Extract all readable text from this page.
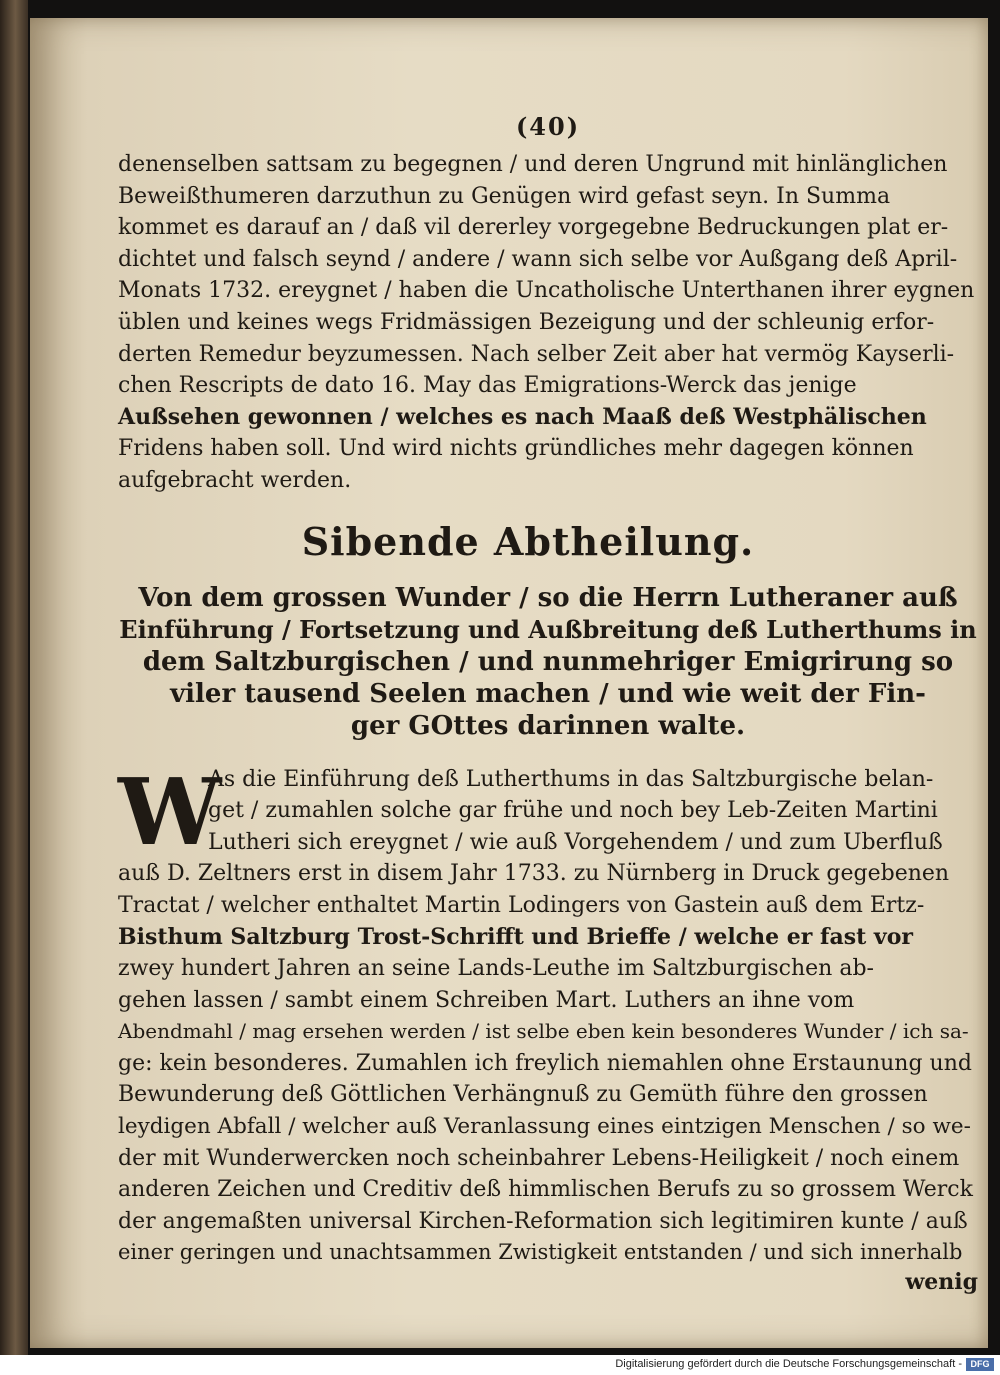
(40)
denenselben sattsam zu begegnen / und deren Ungrund mit hinlänglichen
Beweißthumeren darzuthun zu Genügen wird gefast seyn. In Summa
kommet es darauf an / daß vil dererley vorgegebne Bedruckungen plat er-
dichtet und falsch seynd / andere / wann sich selbe vor Außgang deß April-
Monats 1732. ereygnet / haben die Uncatholische Unterthanen ihrer eygnen
üblen und keines wegs Fridmässigen Bezeigung und der schleunig erfor-
derten Remedur beyzumessen. Nach selber Zeit aber hat vermög Kayserli-
chen Rescripts de dato 16. May das Emigrations-Werck das jenige
Außsehen gewonnen / welches es nach Maaß deß Westphälischen
Fridens haben soll. Und wird nichts gründliches mehr dagegen können
aufgebracht werden.
Sibende Abtheilung.
Von dem grossen Wunder / so die Herrn Lutheraner auß
Einführung / Fortsetzung und Außbreitung deß Lutherthums in
dem Saltzburgischen / und nunmehriger Emigrirung so
viler tausend Seelen machen / und wie weit der Fin-
ger GOttes darinnen walte.
W
As die Einführung deß Lutherthums in das Saltzburgische belan-
get / zumahlen solche gar frühe und noch bey Leb-Zeiten Martini
Lutheri sich ereygnet / wie auß Vorgehendem / und zum Uberfluß
auß D. Zeltners erst in disem Jahr 1733. zu Nürnberg in Druck gegebenen
Tractat / welcher enthaltet Martin Lodingers von Gastein auß dem Ertz-
Bisthum Saltzburg Trost-Schrifft und Brieffe / welche er fast vor
zwey hundert Jahren an seine Lands-Leuthe im Saltzburgischen ab-
gehen lassen / sambt einem Schreiben Mart. Luthers an ihne vom
Abendmahl / mag ersehen werden / ist selbe eben kein besonderes Wunder / ich sa-
ge: kein besonderes. Zumahlen ich freylich niemahlen ohne Erstaunung und
Bewunderung deß Göttlichen Verhängnuß zu Gemüth führe den grossen
leydigen Abfall / welcher auß Veranlassung eines eintzigen Menschen / so we-
der mit Wunderwercken noch scheinbahrer Lebens-Heiligkeit / noch einem
anderen Zeichen und Creditiv deß himmlischen Berufs zu so grossem Werck
der angemaßten universal Kirchen-Reformation sich legitimiren kunte / auß
einer geringen und unachtsammen Zwistigkeit entstanden / und sich innerhalb
wenig
Digitalisierung gefördert durch die Deutsche Forschungsgemeinschaft - DFG
